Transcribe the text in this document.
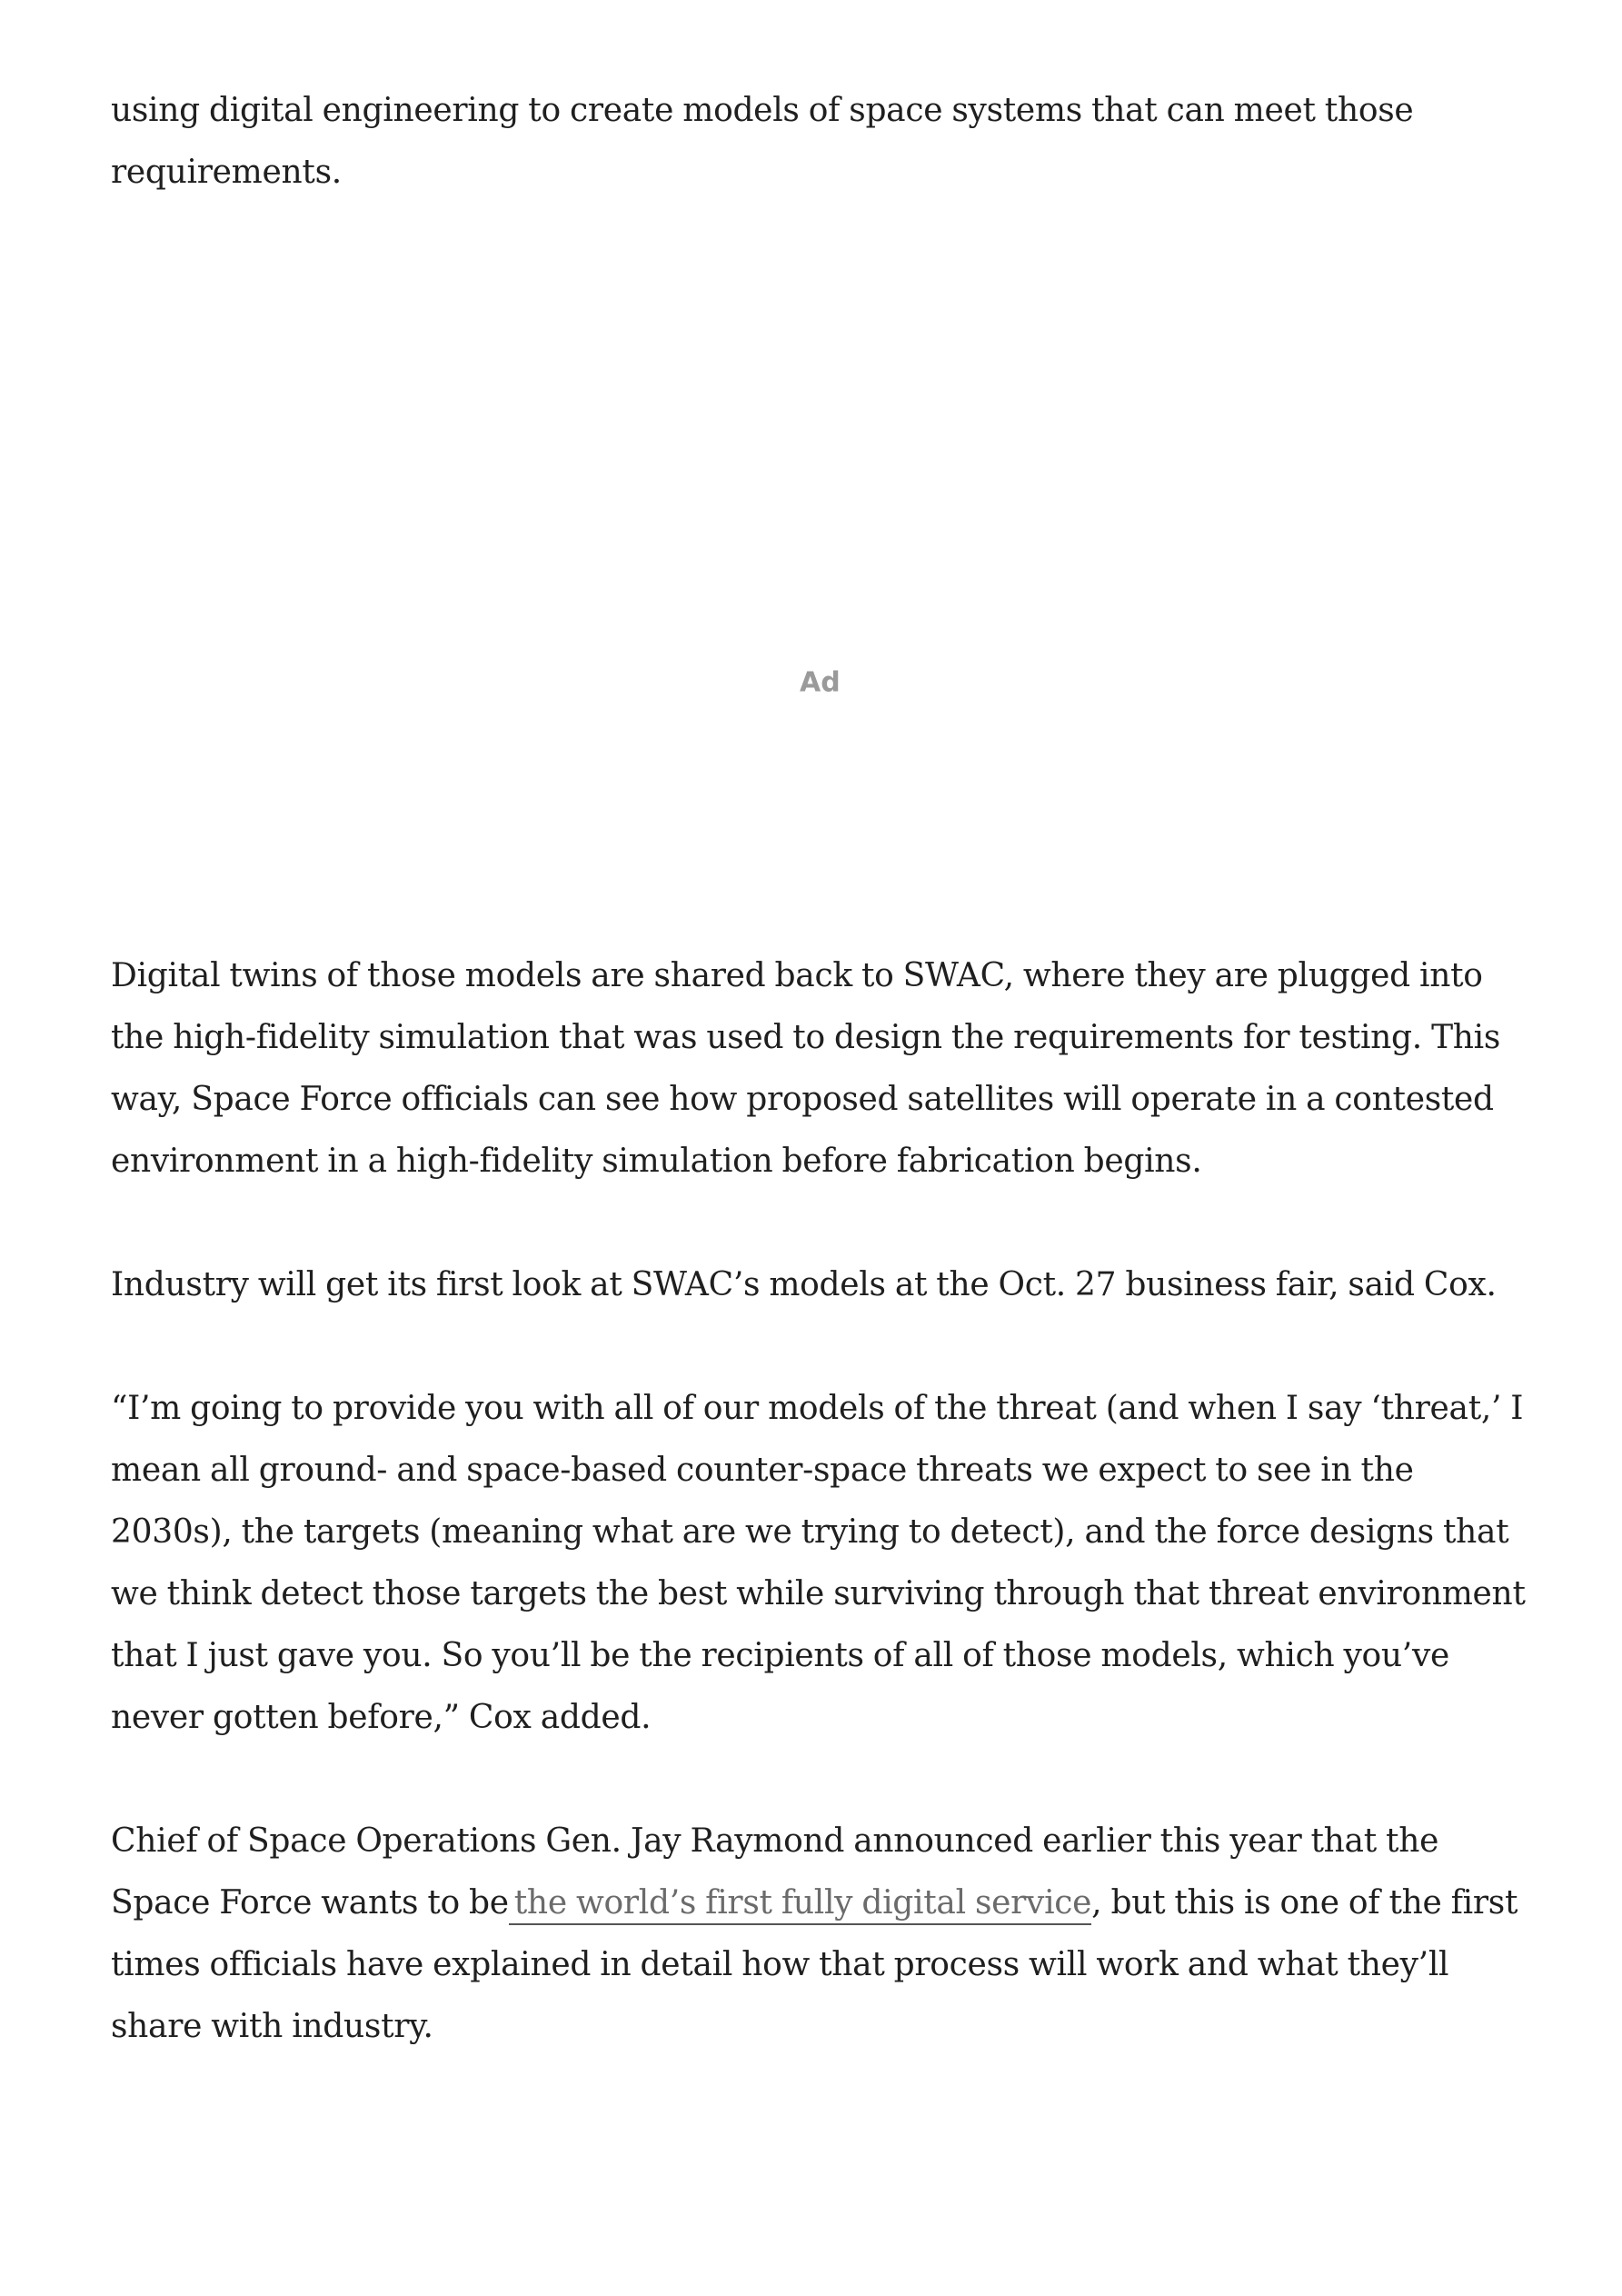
using digital engineering to create models of space systems that can meet those requirements.

Ad

Digital twins of those models are shared back to SWAC, where they are plugged into the high-fidelity simulation that was used to design the requirements for testing. This way, Space Force officials can see how proposed satellites will operate in a contested environment in a high-fidelity simulation before fabrication begins.

Industry will get its first look at SWAC’s models at the Oct. 27 business fair, said Cox.

“I’m going to provide you with all of our models of the threat (and when I say ‘threat,’ I mean all ground- and space-based counter-space threats we expect to see in the 2030s), the targets (meaning what are we trying to detect), and the force designs that we think detect those targets the best while surviving through that threat environment that I just gave you. So you’ll be the recipients of all of those models, which you’ve never gotten before,” Cox added.

Chief of Space Operations Gen. Jay Raymond announced earlier this year that the Space Force wants to be the world’s first fully digital service, but this is one of the first times officials have explained in detail how that process will work and what they’ll share with industry.
